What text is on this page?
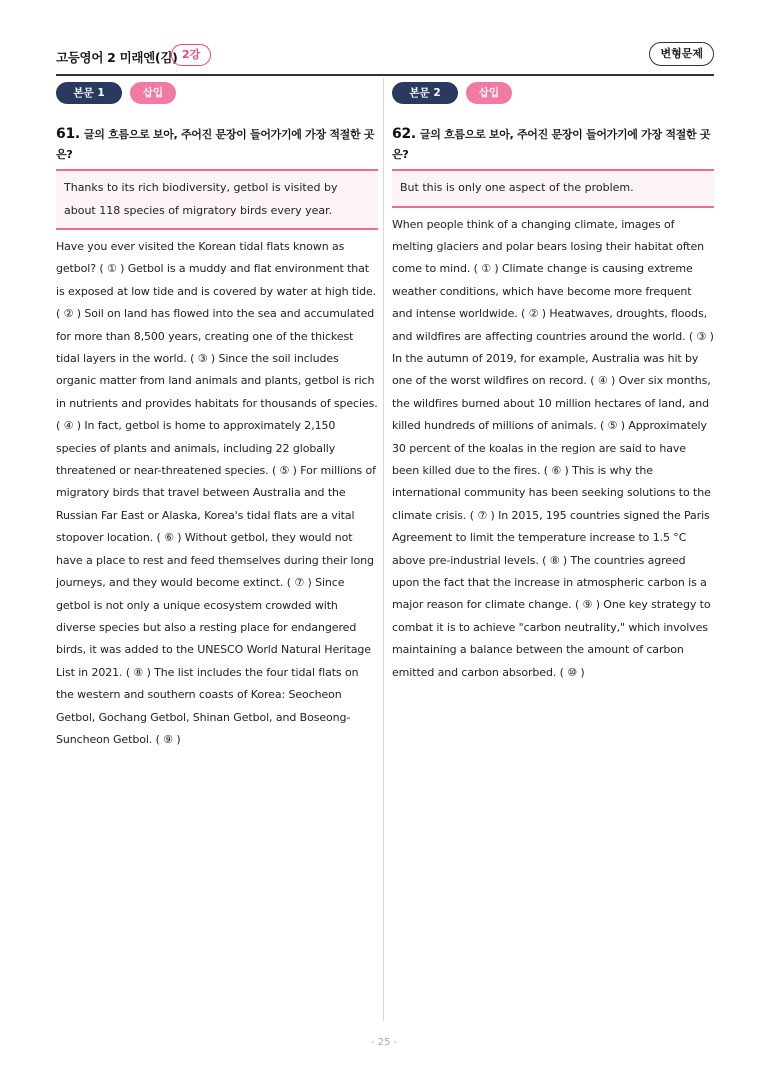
고등영어 2 미래엔(김) 2강	변형문제
본문 1	삽입
61. 글의 흐름으로 보아, 주어진 문장이 들어가기에 가장 적절한 곳은?
Thanks to its rich biodiversity, getbol is visited by about 118 species of migratory birds every year.
Have you ever visited the Korean tidal flats known as getbol? ( ① ) Getbol is a muddy and flat environment that is exposed at low tide and is covered by water at high tide. ( ② ) Soil on land has flowed into the sea and accumulated for more than 8,500 years, creating one of the thickest tidal layers in the world. ( ③ ) Since the soil includes organic matter from land animals and plants, getbol is rich in nutrients and provides habitats for thousands of species. ( ④ ) In fact, getbol is home to approximately 2,150 species of plants and animals, including 22 globally threatened or near-threatened species. ( ⑤ ) For millions of migratory birds that travel between Australia and the Russian Far East or Alaska, Korea's tidal flats are a vital stopover location. ( ⑥ ) Without getbol, they would not have a place to rest and feed themselves during their long journeys, and they would become extinct. ( ⑦ ) Since getbol is not only a unique ecosystem crowded with diverse species but also a resting place for endangered birds, it was added to the UNESCO World Natural Heritage List in 2021. ( ⑧ ) The list includes the four tidal flats on the western and southern coasts of Korea: Seocheon Getbol, Gochang Getbol, Shinan Getbol, and Boseong-Suncheon Getbol. ( ⑨ )
본문 2	삽입
62. 글의 흐름으로 보아, 주어진 문장이 들어가기에 가장 적절한 곳은?
But this is only one aspect of the problem.
When people think of a changing climate, images of melting glaciers and polar bears losing their habitat often come to mind. ( ① ) Climate change is causing extreme weather conditions, which have become more frequent and intense worldwide. ( ② ) Heatwaves, droughts, floods, and wildfires are affecting countries around the world. ( ③ ) In the autumn of 2019, for example, Australia was hit by one of the worst wildfires on record. ( ④ ) Over six months, the wildfires burned about 10 million hectares of land, and killed hundreds of millions of animals. ( ⑤ ) Approximately 30 percent of the koalas in the region are said to have been killed due to the fires. ( ⑥ ) This is why the international community has been seeking solutions to the climate crisis. ( ⑦ ) In 2015, 195 countries signed the Paris Agreement to limit the temperature increase to 1.5 °C above pre-industrial levels. ( ⑧ ) The countries agreed upon the fact that the increase in atmospheric carbon is a major reason for climate change. ( ⑨ ) One key strategy to combat it is to achieve "carbon neutrality," which involves maintaining a balance between the amount of carbon emitted and carbon absorbed. ( ⑩ )
- 25 -
